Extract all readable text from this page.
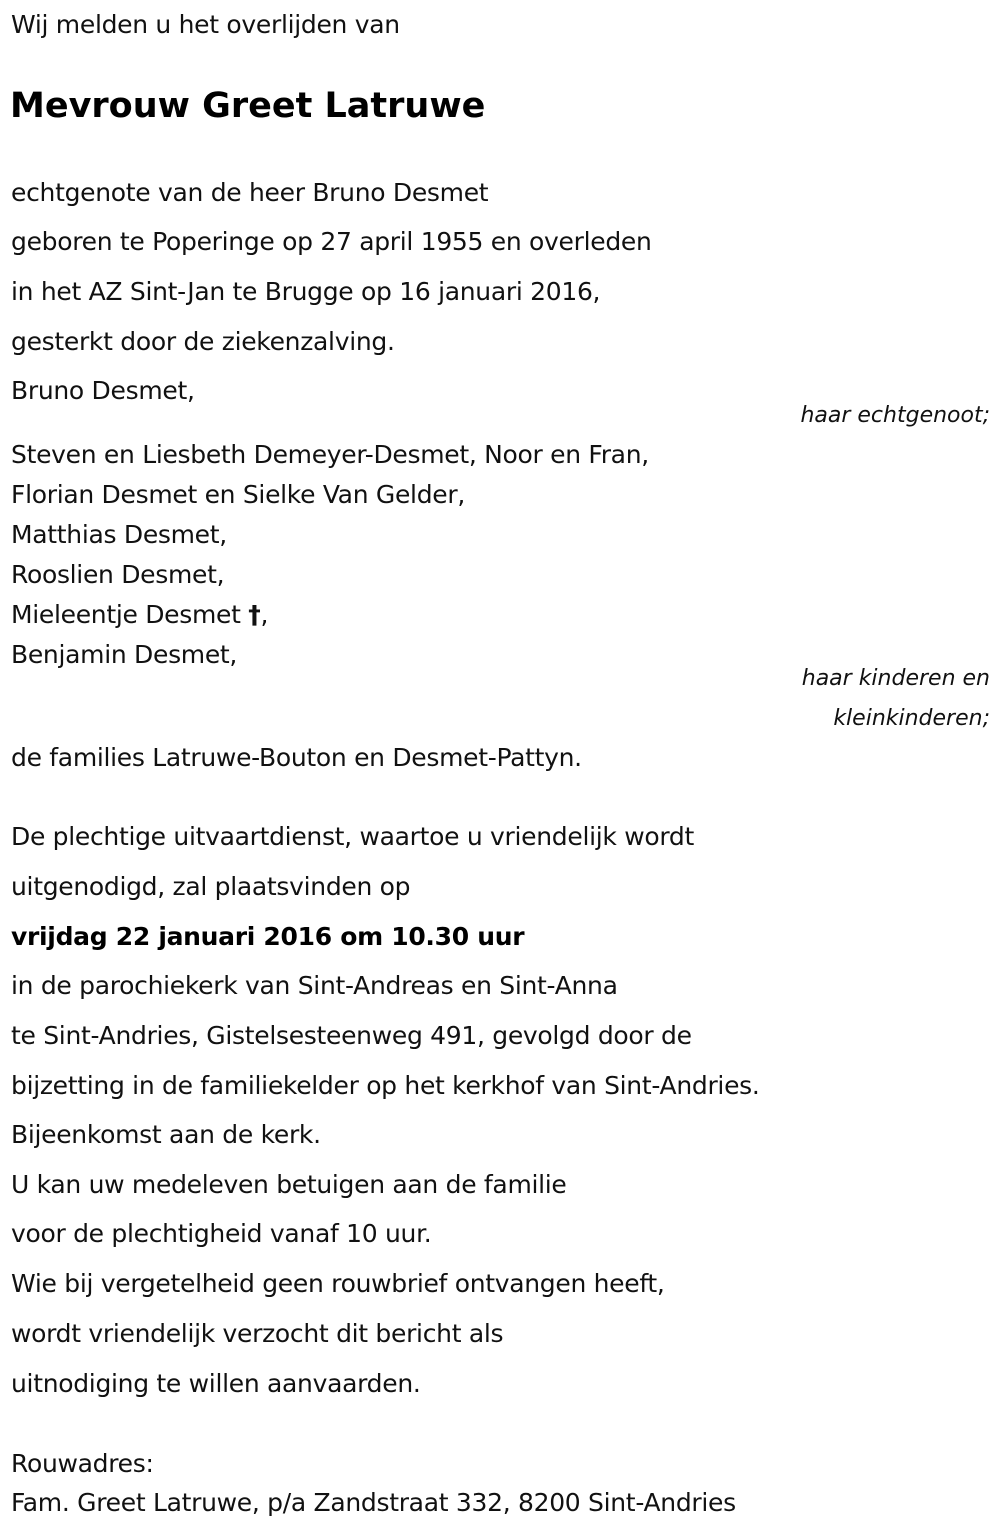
Wij melden u het overlijden van
Mevrouw Greet Latruwe
echtgenote van de heer Bruno Desmet
geboren te Poperinge op 27 april 1955 en overleden
in het AZ Sint-Jan te Brugge op 16 januari 2016,
gesterkt door de ziekenzalving.
Bruno Desmet,
haar echtgenoot;
Steven en Liesbeth Demeyer-Desmet, Noor en Fran,
Florian Desmet en Sielke Van Gelder,
Matthias Desmet,
Rooslien Desmet,
Mieleentje Desmet †,
Benjamin Desmet,
haar kinderen en
kleinkinderen;
de families Latruwe-Bouton en Desmet-Pattyn.
De plechtige uitvaartdienst, waartoe u vriendelijk wordt
uitgenodigd, zal plaatsvinden op
vrijdag 22 januari 2016 om 10.30 uur
in de parochiekerk van Sint-Andreas en Sint-Anna
te Sint-Andries, Gistelsesteenweg 491, gevolgd door de
bijzetting in de familiekelder op het kerkhof van Sint-Andries.
Bijeenkomst aan de kerk.
U kan uw medeleven betuigen aan de familie
voor de plechtigheid vanaf 10 uur.
Wie bij vergetelheid geen rouwbrief ontvangen heeft,
wordt vriendelijk verzocht dit bericht als
uitnodiging te willen aanvaarden.
Rouwadres:
Fam. Greet Latruwe, p/a Zandstraat 332, 8200 Sint-Andries
